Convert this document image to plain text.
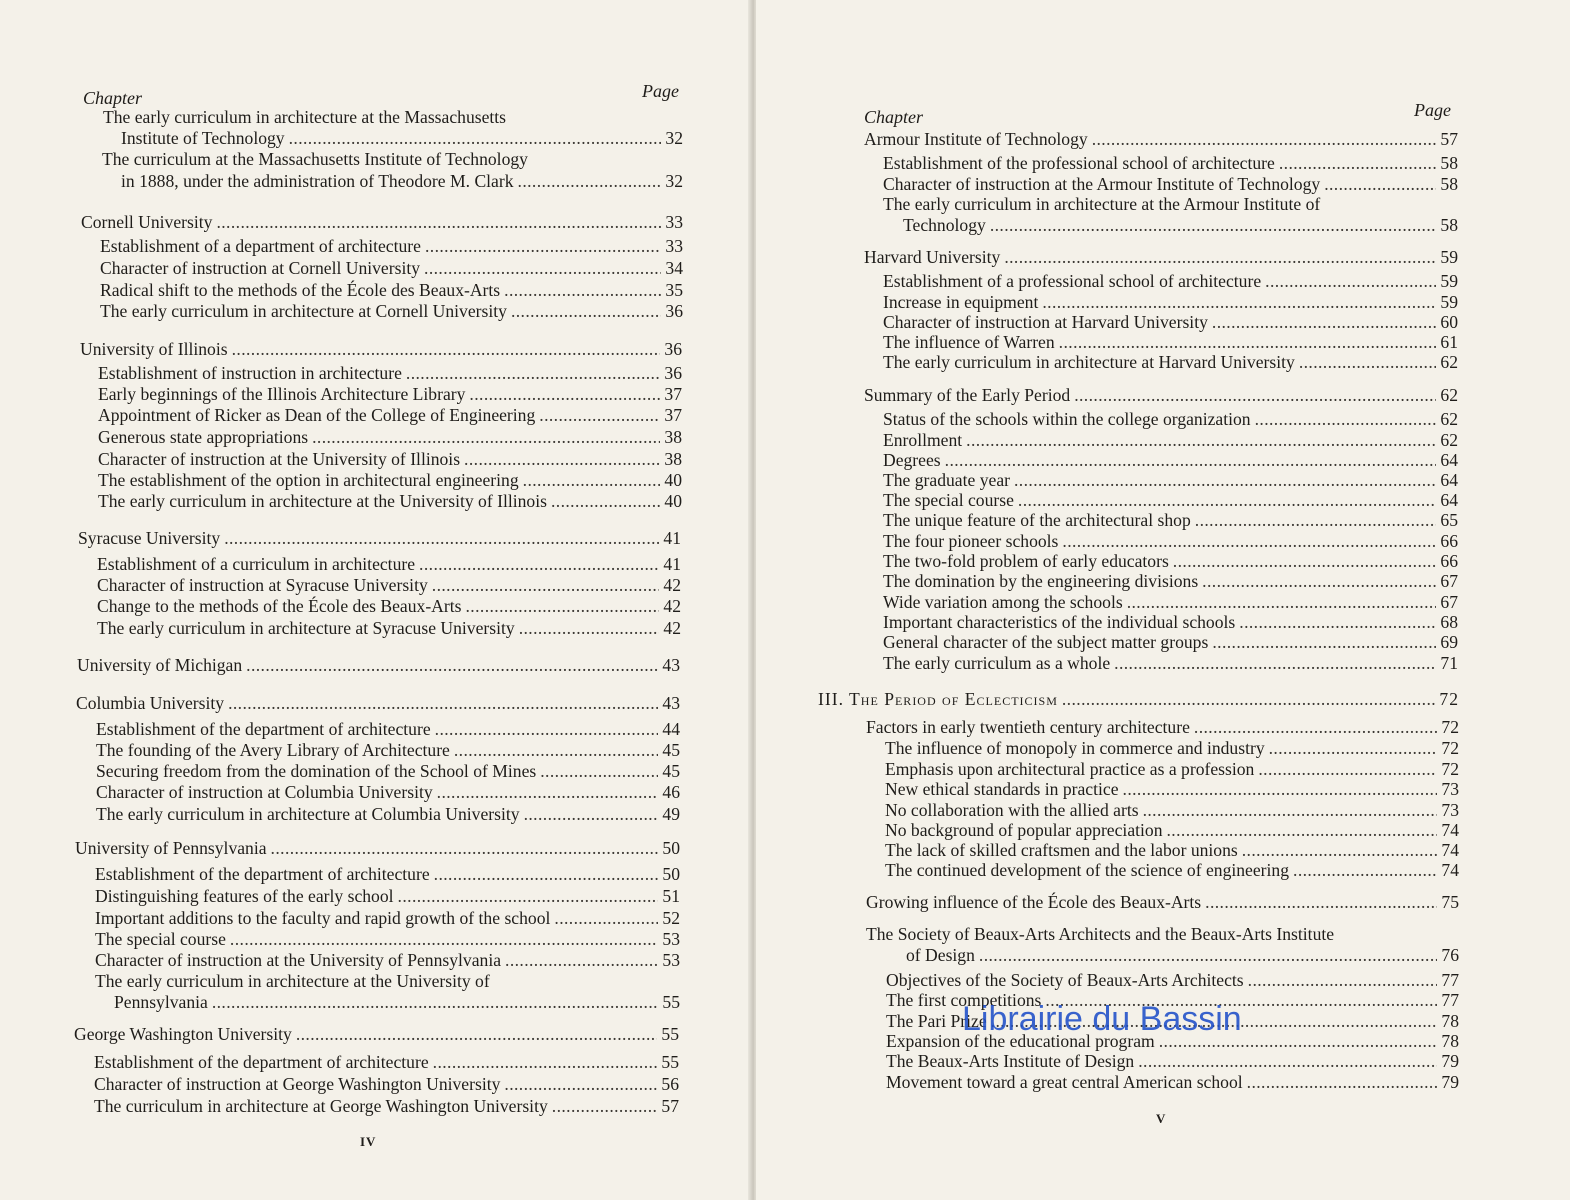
Chapter	Page
The early curriculum in architecture at the Massachusetts
Institute of Technology . . .	32
The curriculum at the Massachusetts Institute of Technology
in 1888, under the administration of Theodore M. Clark . . .	32
Cornell University . . .	33
Establishment of a department of architecture . . .	33
Character of instruction at Cornell University . . .	34
Radical shift to the methods of the École des Beaux-Arts . . .	35
The early curriculum in architecture at Cornell University . . .	36
University of Illinois . . .	36
Establishment of instruction in architecture . . .	36
Early beginnings of the Illinois Architecture Library . . .	37
Appointment of Ricker as Dean of the College of Engineering . . .	37
Generous state appropriations . . .	38
Character of instruction at the University of Illinois . . .	38
The establishment of the option in architectural engineering . . .	40
The early curriculum in architecture at the University of Illinois . . .	40
Syracuse University . . .	41
Establishment of a curriculum in architecture . . .	41
Character of instruction at Syracuse University . . .	42
Change to the methods of the École des Beaux-Arts . . .	42
The early curriculum in architecture at Syracuse University . . .	42
University of Michigan . . .	43
Columbia University . . .	43
Establishment of the department of architecture . . .	44
The founding of the Avery Library of Architecture . . .	45
Securing freedom from the domination of the School of Mines . . .	45
Character of instruction at Columbia University . . .	46
The early curriculum in architecture at Columbia University . . .	49
University of Pennsylvania . . .	50
Establishment of the department of architecture . . .	50
Distinguishing features of the early school . . .	51
Important additions to the faculty and rapid growth of the school . . .	52
The special course . . .	53
Character of instruction at the University of Pennsylvania . . .	53
The early curriculum in architecture at the University of
Pennsylvania . . .	55
George Washington University . . .	55
Establishment of the department of architecture . . .	55
Character of instruction at George Washington University . . .	56
The curriculum in architecture at George Washington University . . .	57
IV
Chapter	Page
Armour Institute of Technology . . .	57
Establishment of the professional school of architecture . . .	58
Character of instruction at the Armour Institute of Technology . . .	58
The early curriculum in architecture at the Armour Institute of
Technology . . .	58
Harvard University . . .	59
Establishment of a professional school of architecture . . .	59
Increase in equipment . . .	59
Character of instruction at Harvard University . . .	60
The influence of Warren . . .	61
The early curriculum in architecture at Harvard University . . .	62
Summary of the Early Period . . .	62
Status of the schools within the college organization . . .	62
Enrollment . . .	62
Degrees . . .	64
The graduate year . . .	64
The special course . . .	64
The unique feature of the architectural shop . . .	65
The four pioneer schools . . .	66
The two-fold problem of early educators . . .	66
The domination by the engineering divisions . . .	67
Wide variation among the schools . . .	67
Important characteristics of the individual schools . . .	68
General character of the subject matter groups . . .	69
The early curriculum as a whole . . .	71
III. The Period of Eclecticism . . .	72
Factors in early twentieth century architecture . . .	72
The influence of monopoly in commerce and industry . . .	72
Emphasis upon architectural practice as a profession . . .	72
New ethical standards in practice . . .	73
No collaboration with the allied arts . . .	73
No background of popular appreciation . . .	74
The lack of skilled craftsmen and the labor unions . . .	74
The continued development of the science of engineering . . .	74
Growing influence of the École des Beaux-Arts . . .	75
The Society of Beaux-Arts Architects and the Beaux-Arts Institute
of Design . . .	76
Objectives of the Society of Beaux-Arts Architects . . .	77
The first competitions . . .	77
The Pari Prize . . .	78
Expansion of the educational program . . .	78
The Beaux-Arts Institute of Design . . .	79
Movement toward a great central American school . . .	79
V
Librairie du Bassin
